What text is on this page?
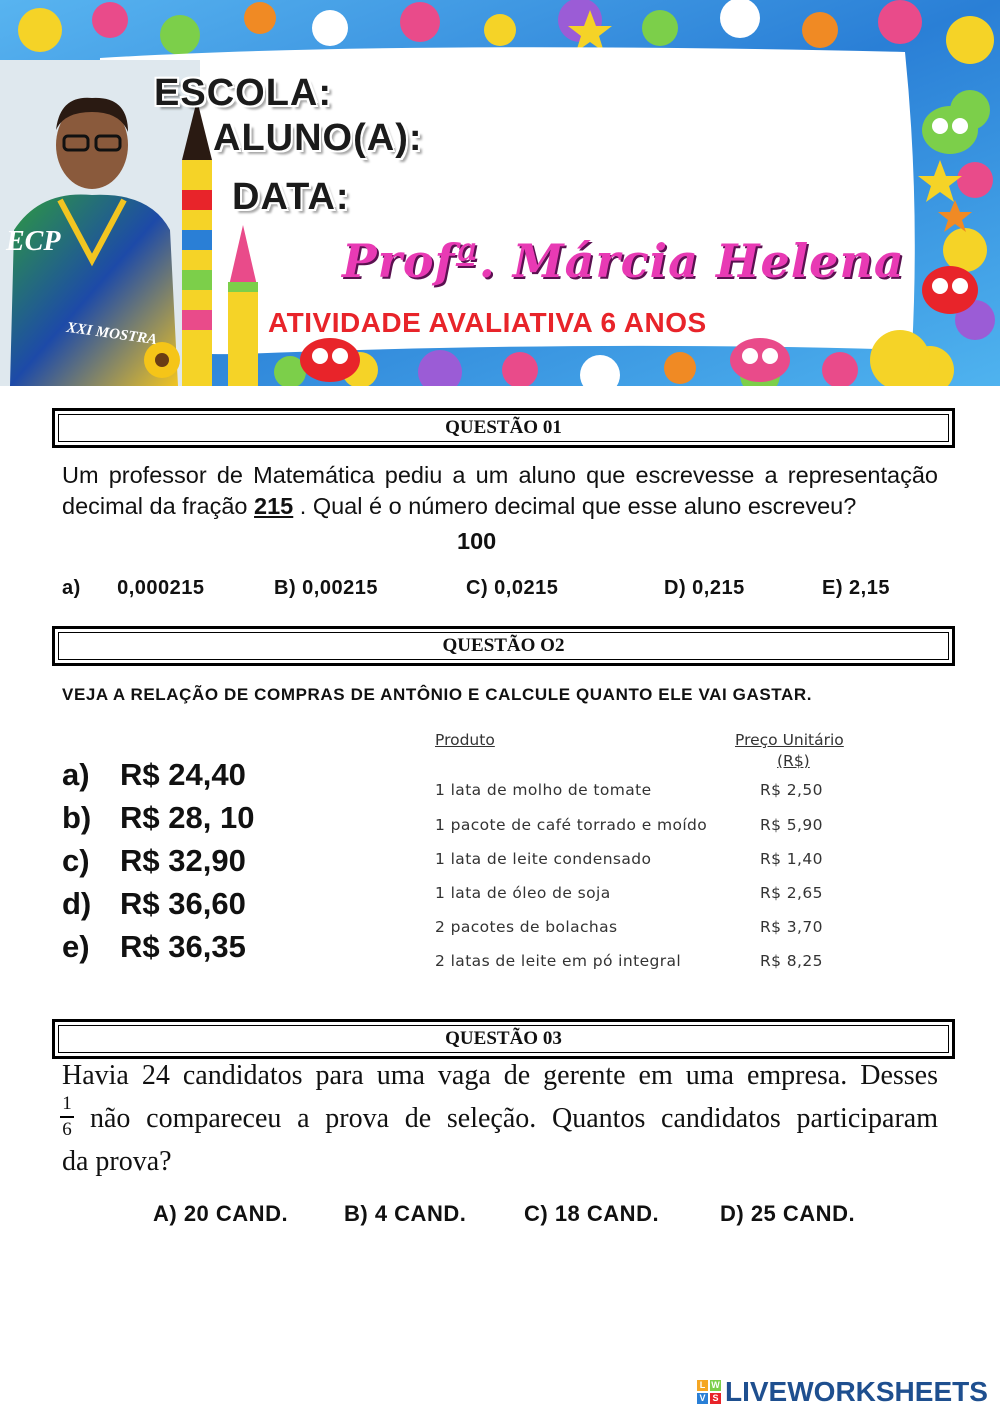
ESCOLA:
ALUNO(A):
DATA:
Profª. Márcia Helena
ATIVIDADE AVALIATIVA 6 ANOS
ECP
XXI MOSTRA
QUESTÃO 01
Um professor de Matemática pediu a um aluno que escrevesse a representação decimal da fração 215 . Qual é o número decimal que esse aluno escreveu?
100
a)      0,000215	B) 0,00215	C) 0,0215	D) 0,215	E) 2,15
QUESTÃO O2
VEJA A RELAÇÃO DE COMPRAS DE ANTÔNIO E CALCULE QUANTO ELE VAI GASTAR.
a) R$ 24,40
b) R$ 28, 10
c) R$ 32,90
d) R$ 36,60
e) R$ 36,35
Produto	Preço Unitário
(R$)
1 lata de molho de tomate	R$ 2,50
1 pacote de café torrado e moído	R$ 5,90
1 lata de leite condensado	R$ 1,40
1 lata de óleo de soja	R$ 2,65
2 pacotes de bolachas	R$ 3,70
2 latas de leite em pó integral	R$ 8,25
QUESTÃO 03
Havia 24 candidatos para uma vaga de gerente em uma empresa. Desses
1
6 não compareceu a prova de seleção. Quantos candidatos participaram
da prova?
A) 20 CAND.	B) 4 CAND.	C) 18 CAND.	D) 25 CAND.
L W
V S LIVEWORKSHEETS
